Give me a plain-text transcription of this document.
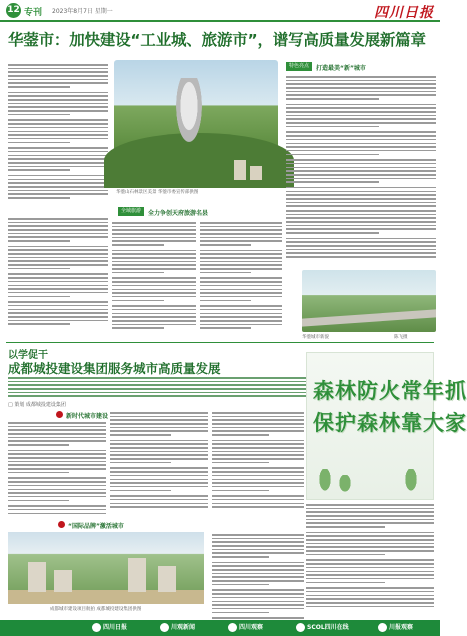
12 专刊 2023年8月7日 星期一	四川日报
华蓥市：加快建设“工业城、旅游市”，谱写高质量发展新篇章
华蓥山石林景区美景 华蓥市委宣传部供图
特色亮点	打造最美“新”城市
全域旅游	全力争创天府旅游名县
华蓥城市新貌	陈飞摄
以学促干
成都城投建设集团服务城市高质量发展
□ 策划 成都城投建设集团
新时代城市建设
森林防火常年抓
保护森林靠大家
“国际品牌”激活城市
成都城市建设项目航拍 成都城投建设集团供图
四川日报	川观新闻	四川观察	SCOL四川在线	川报观察
